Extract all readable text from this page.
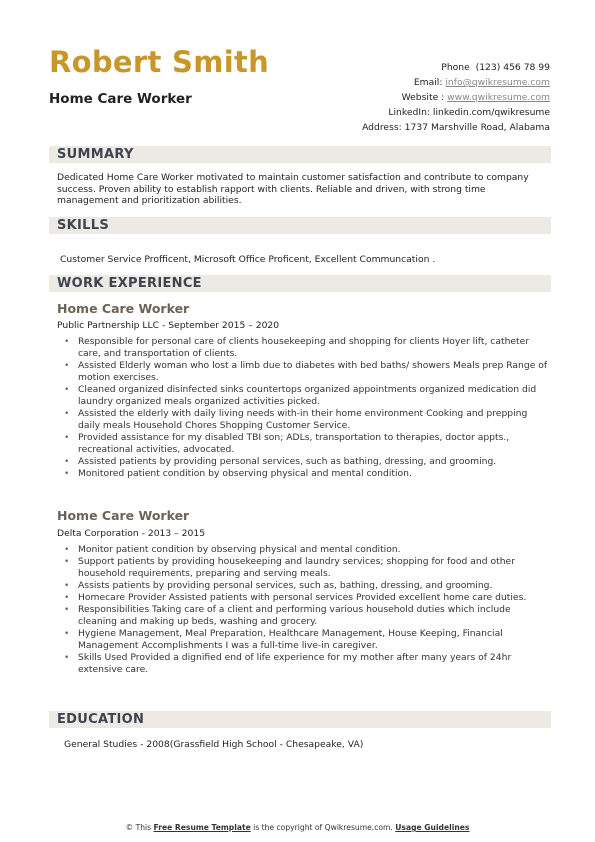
Robert Smith
Home Care Worker
Phone (123) 456 78 99
Email: info@qwikresume.com
Website : www.qwikresume.com
LinkedIn: linkedin.com/qwikresume
Address: 1737 Marshville Road, Alabama
SUMMARY
Dedicated Home Care Worker motivated to maintain customer satisfaction and contribute to company success. Proven ability to establish rapport with clients. Reliable and driven, with strong time management and prioritization abilities.
SKILLS
Customer Service Profficent, Microsoft Office Proficent, Excellent Communcation .
WORK EXPERIENCE
Home Care Worker
Public Partnership LLC - September 2015 – 2020
• Responsible for personal care of clients housekeeping and shopping for clients Hoyer lift, catheter care, and transportation of clients.
• Assisted Elderly woman who lost a limb due to diabetes with bed baths/ showers Meals prep Range of motion exercises.
• Cleaned organized disinfected sinks countertops organized appointments organized medication did laundry organized meals organized activities picked.
• Assisted the elderly with daily living needs with-in their home environment Cooking and prepping daily meals Household Chores Shopping Customer Service.
• Provided assistance for my disabled TBI son; ADLs, transportation to therapies, doctor appts., recreational activities, advocated.
• Assisted patients by providing personal services, such as bathing, dressing, and grooming.
• Monitored patient condition by observing physical and mental condition.
Home Care Worker
Delta Corporation - 2013 – 2015
• Monitor patient condition by observing physical and mental condition.
• Support patients by providing housekeeping and laundry services; shopping for food and other household requirements, preparing and serving meals.
• Assists patients by providing personal services, such as, bathing, dressing, and grooming.
• Homecare Provider Assisted patients with personal services Provided excellent home care duties.
• Responsibilities Taking care of a client and performing various household duties which include cleaning and making up beds, washing and grocery.
• Hygiene Management, Meal Preparation, Healthcare Management, House Keeping, Financial Management Accomplishments I was a full-time live-in caregiver.
• Skills Used Provided a dignified end of life experience for my mother after many years of 24hr extensive care.
EDUCATION
General Studies - 2008(Grassfield High School - Chesapeake, VA)
© This Free Resume Template is the copyright of Qwikresume.com. Usage Guidelines
